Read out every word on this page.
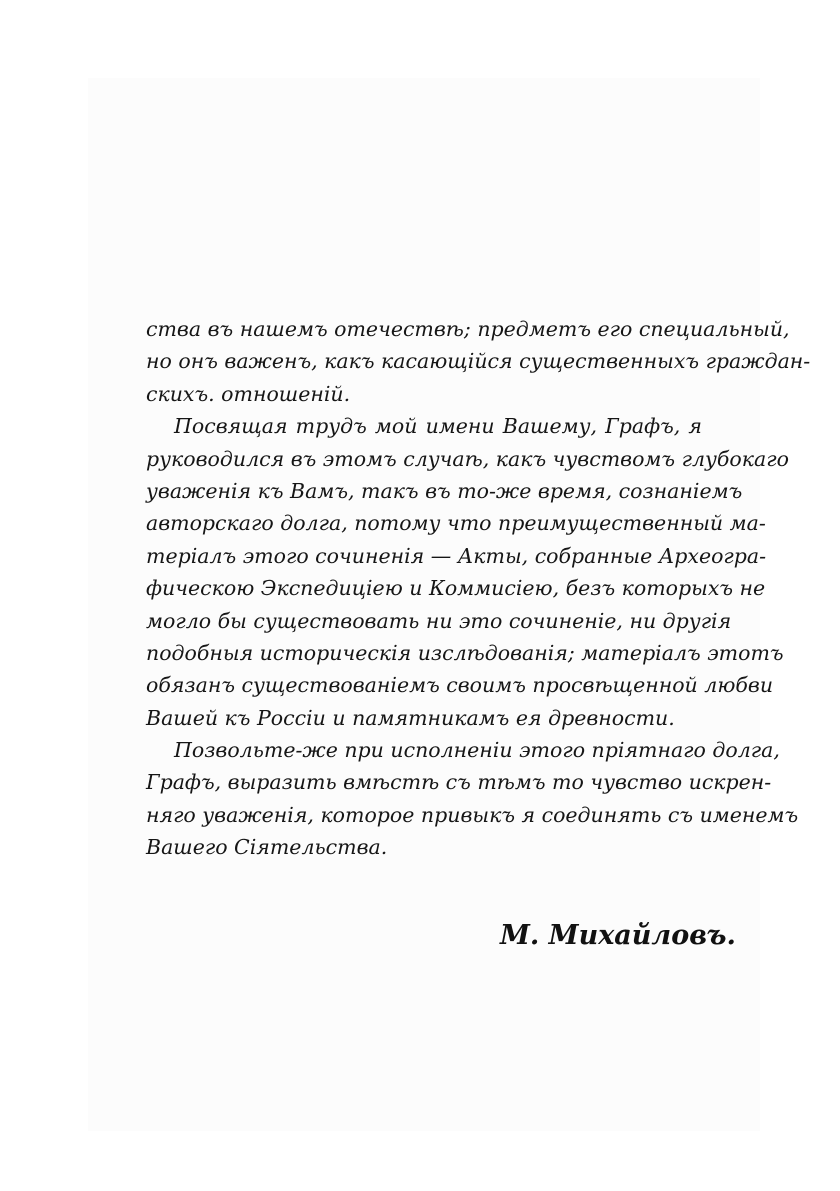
ства въ нашемъ отечествѣ; предметъ его специальный,
но онъ важенъ, какъ касающiйся существенныхъ граждан-
скихъ. отношенiй.
Посвящая трудъ мой имени Вашему, Графъ, я
руководился въ этомъ случаѣ, какъ чувствомъ глубокаго
уваженiя къ Вамъ, такъ въ то-же время, сознанiемъ
авторскаго долга, потому что преимущественный ма-
терiалъ этого сочиненiя — Акты, собранные Археогра-
фическою Экспедицiею и Коммисiею, безъ которыхъ не
могло бы существовать ни это сочиненiе, ни другiя
подобныя историческiя изслѣдованiя; матерiалъ этотъ
обязанъ существованiемъ своимъ просвѣщенной любви
Вашей къ Россiи и памятникамъ ея древности.
Позвольте-же при исполненiи этого прiятнаго долга,
Графъ, выразить вмѣстѣ съ тѣмъ то чувство искрен-
няго уваженiя, которое привыкъ я соединять съ именемъ
Вашего Сiятельства.
М. Михайловъ.
